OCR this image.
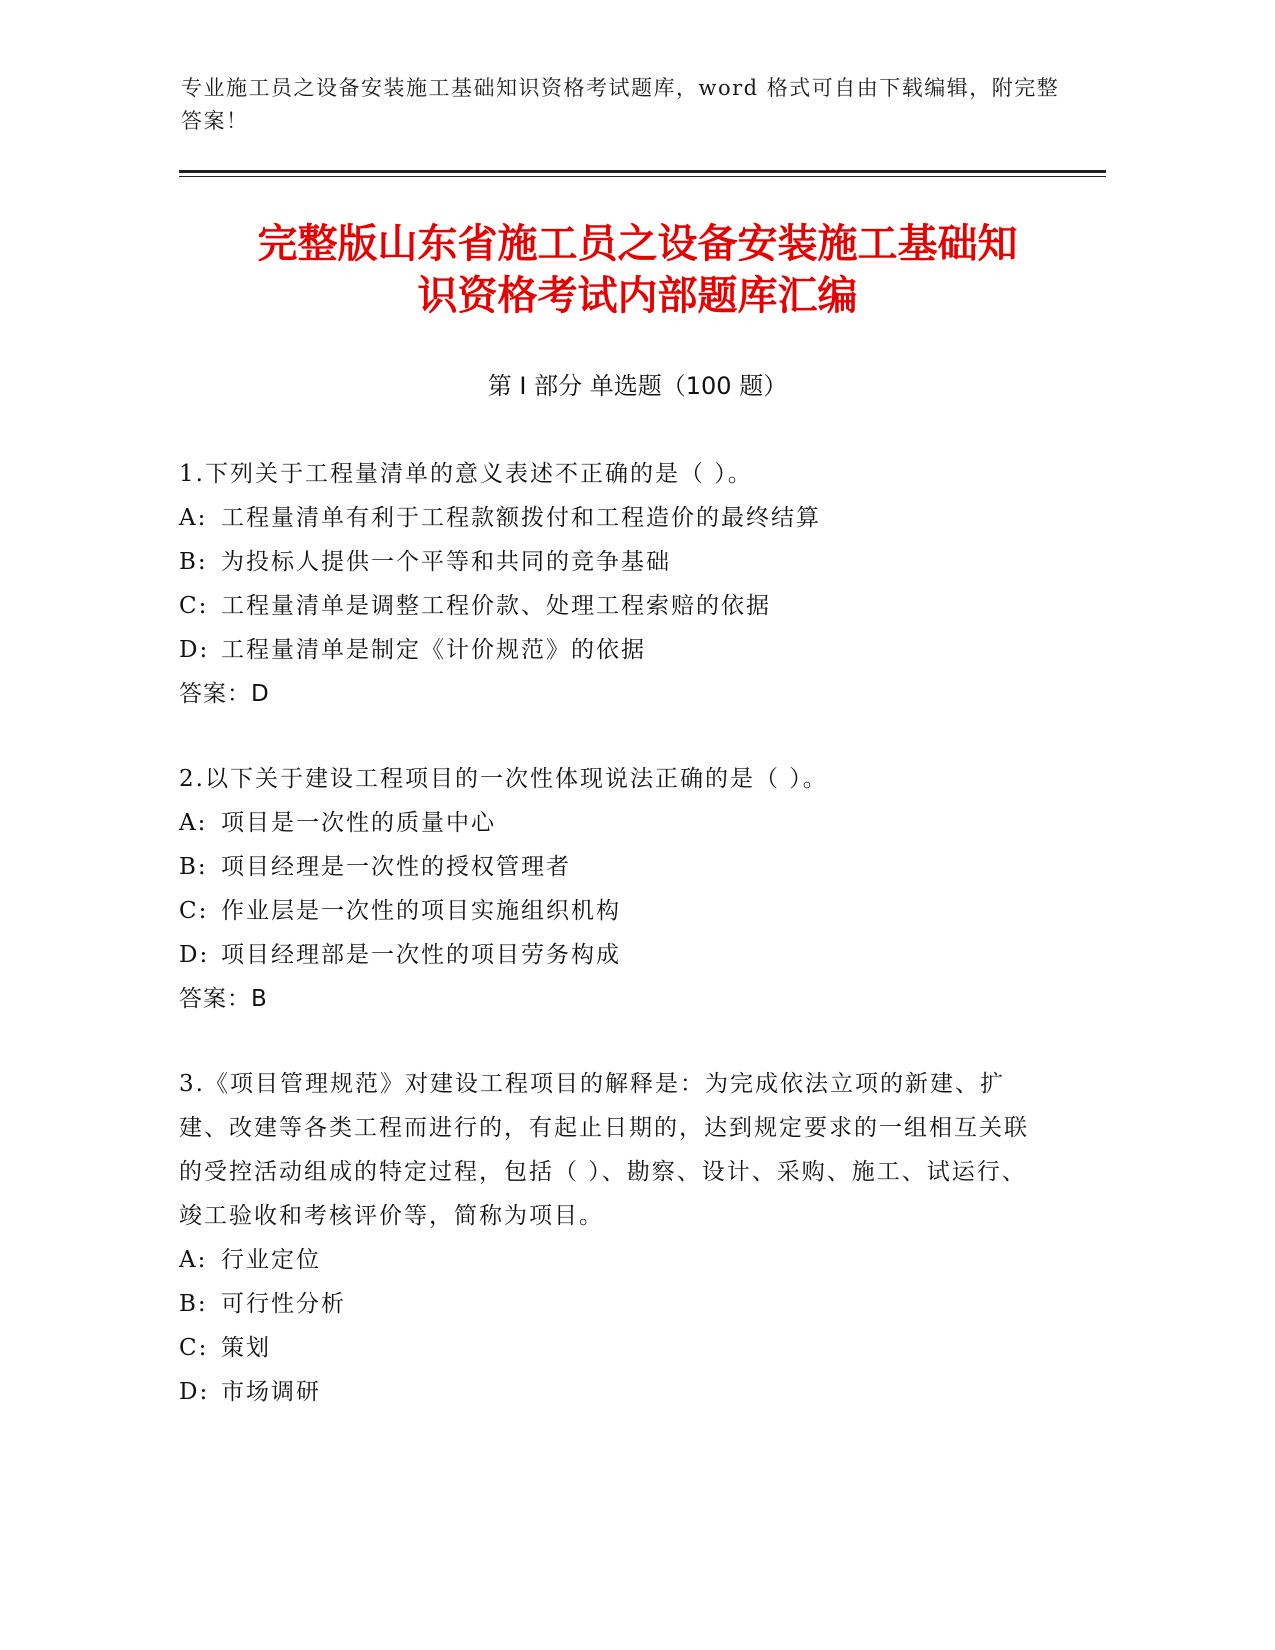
专业施工员之设备安装施工基础知识资格考试题库，word 格式可自由下载编辑，附完整答案！
完整版山东省施工员之设备安装施工基础知
识资格考试内部题库汇编
第 I 部分 单选题（100 题）

1.下列关于工程量清单的意义表述不正确的是（ ）。

A: 工程量清单有利于工程款额拨付和工程造价的最终结算

B: 为投标人提供一个平等和共同的竞争基础

C: 工程量清单是调整工程价款、处理工程索赔的依据

D: 工程量清单是制定《计价规范》的依据

答案：D

2.以下关于建设工程项目的一次性体现说法正确的是（ ）。

A: 项目是一次性的质量中心

B: 项目经理是一次性的授权管理者

C: 作业层是一次性的项目实施组织机构

D: 项目经理部是一次性的项目劳务构成

答案：B

3.《项目管理规范》对建设工程项目的解释是：为完成依法立项的新建、扩建、改建等各类工程而进行的，有起止日期的，达到规定要求的一组相互关联的受控活动组成的特定过程，包括（ ）、勘察、设计、采购、施工、试运行、竣工验收和考核评价等，简称为项目。

A: 行业定位

B: 可行性分析

C: 策划

D: 市场调研
